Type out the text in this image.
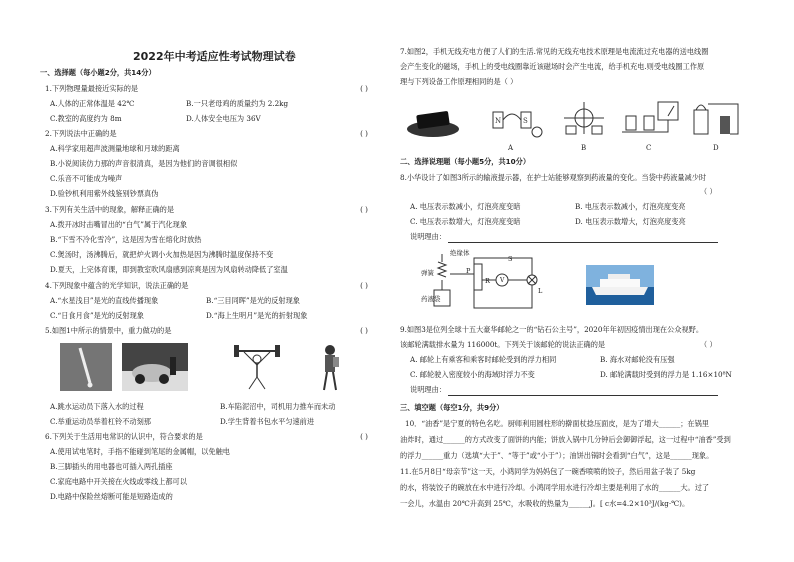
2022年中考适应性考试物理试卷
一、选择题（每小题2分，共14分）
1.下列物理量最接近实际的是	( )
A.人体的正常体温是 42℃	B.一只老母鸡的质量约为 2.2kg
C.教室的高度约为 8m	D.人体安全电压为 36V
2.下列说法中正确的是	( )
A.科学家用超声波测量地球和月球的距离
B.小说阅读仿力那的声音很清真，是因为他们的音调很相似
C.乐音不可能成为噪声
D.验钞机利用紫外线鉴别钞票真伪
3.下列有关生活中的现象，解释正确的是	( )
A.拨开冰时击嘴冒出的“白气”属于汽化现象
B.“下雪不冷化雪冷”，这是因为雪在熔化时放热
C.煲汤时，汤沸腾后，就把炉火调小火加热是因为沸腾时温度保持不变
D.夏天，上完体育课，即到教室吹风扇感到凉爽是因为风扇转动降低了室温
4.下列现象中蕴含的光学知识，说法正确的是	( )
A.“水星浅目”是光的直线传播现象	B.“三目同晖”是光的反射现象
C.“日食月食”是光的反射现象	D.“海上生明月”是光的折射现象
5.如图1中所示的情景中，重力做功的是	( )
A.跳水运动员下落入水的过程	B.车陷泥沼中，司机用力推车而未动
C.举重运动员举着杠铃不动刻那	D.学生背着书包水平匀速前进
6.下列关于生活用电常识的认识中，符合要求的是	( )
A.使用试电笔时，手指不能碰到笔尾的金属帽，以免触电
B.三脚插头的用电器也可插入两孔插座
C.家庭电路中开关接在火线或零线上都可以
D.电路中保险丝熔断可能是短路造成的
7.如图2，手机无线充电方便了人们的生活.常见的无线充电技术原理是电流流过充电器的送电线圈
会产生变化的磁场，手机上的受电线圈靠近该磁场时会产生电流，给手机充电.则受电线圈工作原
理与下列设备工作原理相同的是（ ）
N	S
A	B	C	D
二、选择说理题（每小题5分，共10分）
8.小华设计了如图3所示的输液提示器，在护士站能够观察到药液量的变化。当袋中药液量减少时
（ ）
A. 电压表示数减小，灯泡亮度变暗	B. 电压表示数减小，灯泡亮度变亮
C. 电压表示数增大，灯泡亮度变暗	D. 电压表示数增大，灯泡亮度变亮
说明理由：
绝缘体
弹簧
药液袋
P
R
S
L
V
9.如图3是位列全球十五大豪华邮轮之一的“钻石公主号”，2020年年初因疫情出现在公众视野。
该邮轮满载排水量为 116000t。下列关于该邮轮的说法正确的是	（ ）
A. 邮轮上有乘客和乘客时邮轮受到的浮力相同	B. 海水对邮轮没有压强
C. 邮轮驶入密度较小的海域时浮力不变	D. 邮轮满载时受到的浮力是 1.16×10⁸N
说明理由：
三、填空题（每空1分，共9分）
10．“油香”是宁夏的特色名吃。厨师利用圆柱形的擀面杖捻压面皮，是为了增大______；在锅里
油炸时，通过______的方式改变了面饼的内能；饼放入锅中几分钟后会御御浮起，这一过程中“油香”受到
的浮力______重力（选填“大于”、“等于”或“小于”）；油饼出锅时会看到“白气”，这是______现象。
11.在5月8日“母亲节”这一天，小鸿同学为妈妈包了一碗香喷喷的饺子，然后用盆子装了 5kg
的水，将装饺子的碗放在水中进行冷却。小鸿同学用水进行冷却主要是利用了水的______大。过了
一会儿，水温由 20℃升高到 25℃，水吸收的热量为______J。[ c水=4.2×10³J/(kg·℃)。
